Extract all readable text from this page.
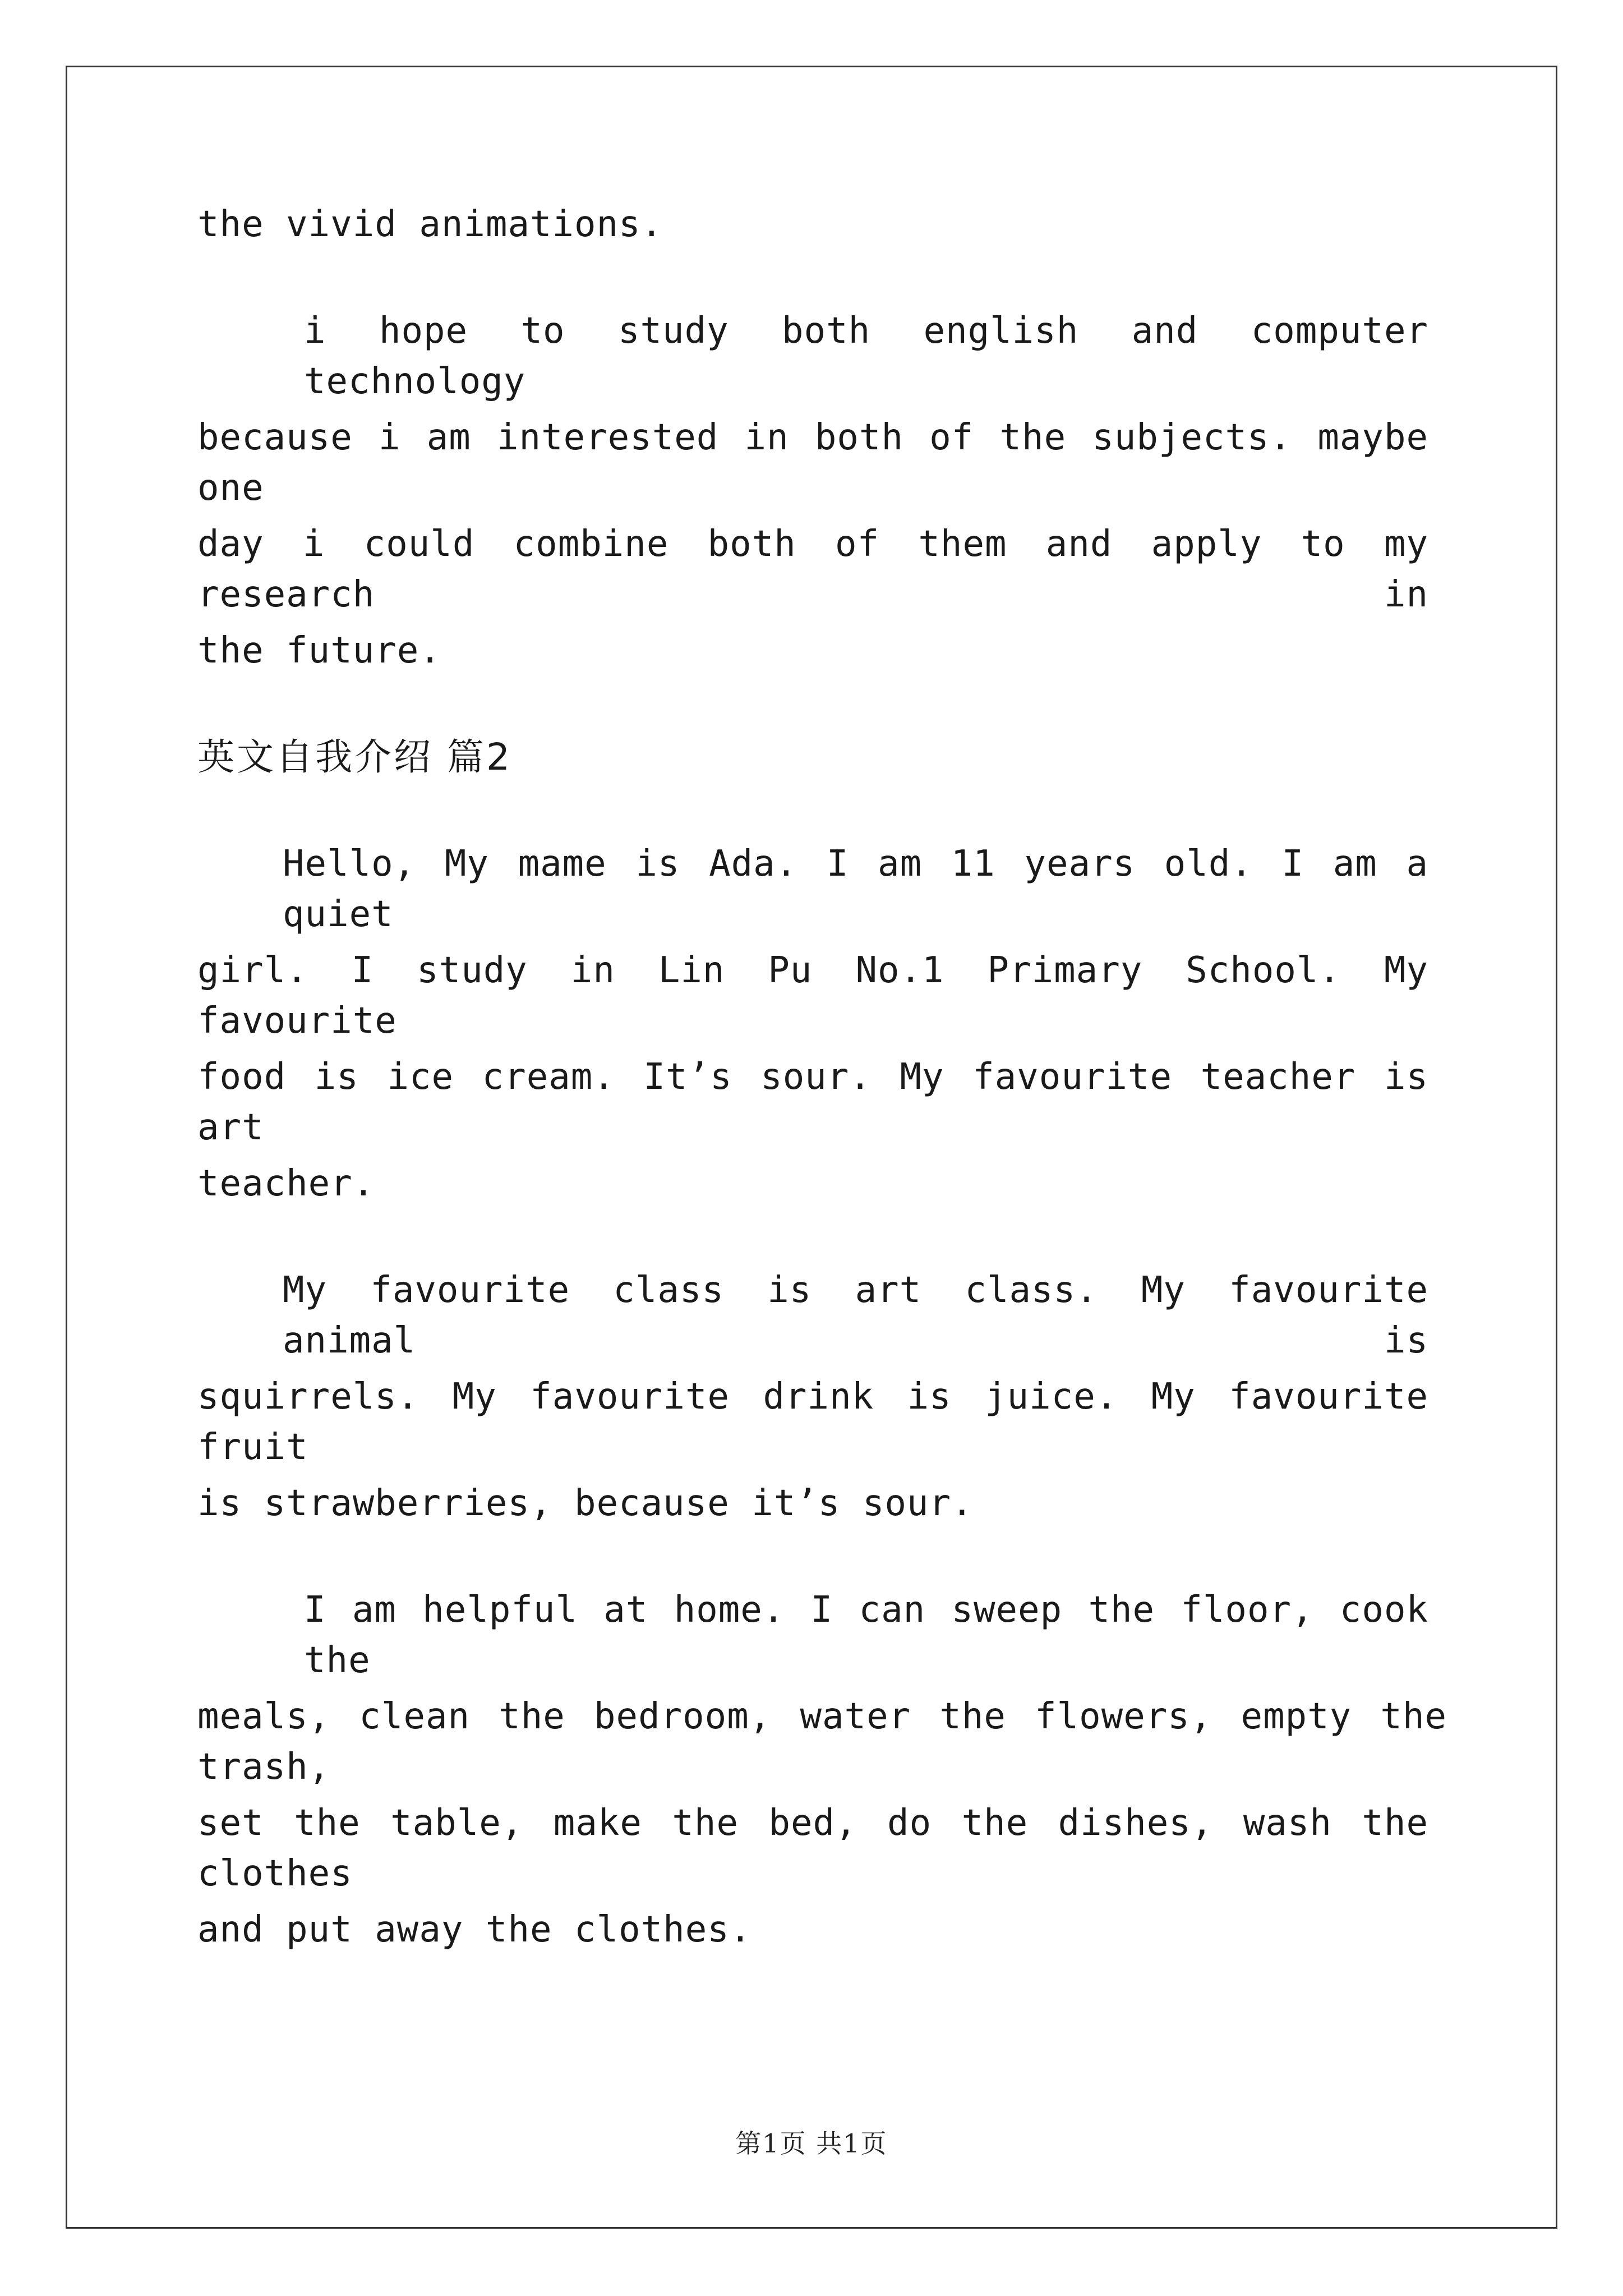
the vivid animations.
i hope to study both english and computer technology
because i am interested in both of the subjects. maybe one
day i could combine both of them and apply to my research in
the future.
英文自我介绍 篇2
Hello, My mame is Ada. I am 11 years old. I am a quiet
girl. I study in Lin Pu No.1 Primary School. My favourite
food is ice cream. It’s sour. My favourite teacher is art
teacher.
My favourite class is art class. My favourite animal is
squirrels. My favourite drink is juice. My favourite fruit
is strawberries, because it’s sour.
I am helpful at home. I can sweep the floor, cook the
meals, clean the bedroom, water the flowers, empty the trash,
set the table, make the bed, do the dishes, wash the clothes
and put away the clothes.
第1页 共1页
